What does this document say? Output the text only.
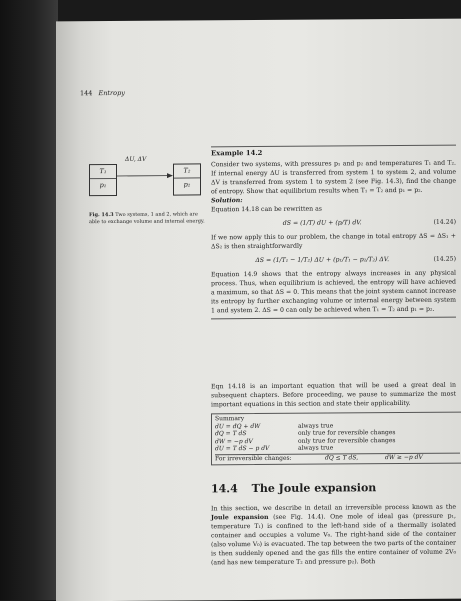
144 Entropy
T₁
p₁
ΔU, ΔV
T₂
p₂
Fig. 14.3 Two systems, 1 and 2, which are able to exchange volume and internal energy.
Example 14.2
Consider two systems, with pressures p₁ and p₂ and temperatures T₁ and T₂. If internal energy ΔU is transferred from system 1 to system 2, and volume ΔV is transferred from system 1 to system 2 (see Fig. 14.3), find the change of entropy. Show that equilibrium results when T₁ = T₂ and p₁ = p₂.
Solution:
Equation 14.18 can be rewritten as
dS = (1/T) dU + (p/T) dV.	(14.24)
If we now apply this to our problem, the change in total entropy ΔS = ΔS₁ + ΔS₂ is then straightforwardly
ΔS = (1/T₁ − 1/T₂) ΔU + (p₁/T₁ − p₂/T₂) ΔV.	(14.25)
Equation 14.9 shows that the entropy always increases in any physical process. Thus, when equilibrium is achieved, the entropy will have achieved a maximum, so that ΔS = 0. This means that the joint system cannot increase its entropy by further exchanging volume or internal energy between system 1 and system 2. ΔS = 0 can only be achieved when T₁ = T₂ and p₁ = p₂.
Eqn 14.18 is an important equation that will be used a great deal in subsequent chapters. Before proceeding, we pause to summarize the most important equations in this section and state their applicability.
Summary
dU = đQ + dW	always true
đQ = T dS	only true for reversible changes
dW = −p dV	only true for reversible changes
dU = T dS − p dV	always true
For irreversible changes:	đQ ≤ T dS,	dW ≥ −p dV
14.4 The Joule expansion
In this section, we describe in detail an irreversible process known as the Joule expansion (see Fig. 14.4). One mole of ideal gas (pressure p₁, temperature T₁) is confined to the left-hand side of a thermally isolated container and occupies a volume V₀. The right-hand side of the container (also volume V₀) is evacuated. The tap between the two parts of the container is then suddenly opened and the gas fills the entire container of volume 2V₀ (and has new temperature T₂ and pressure p₂). Both
